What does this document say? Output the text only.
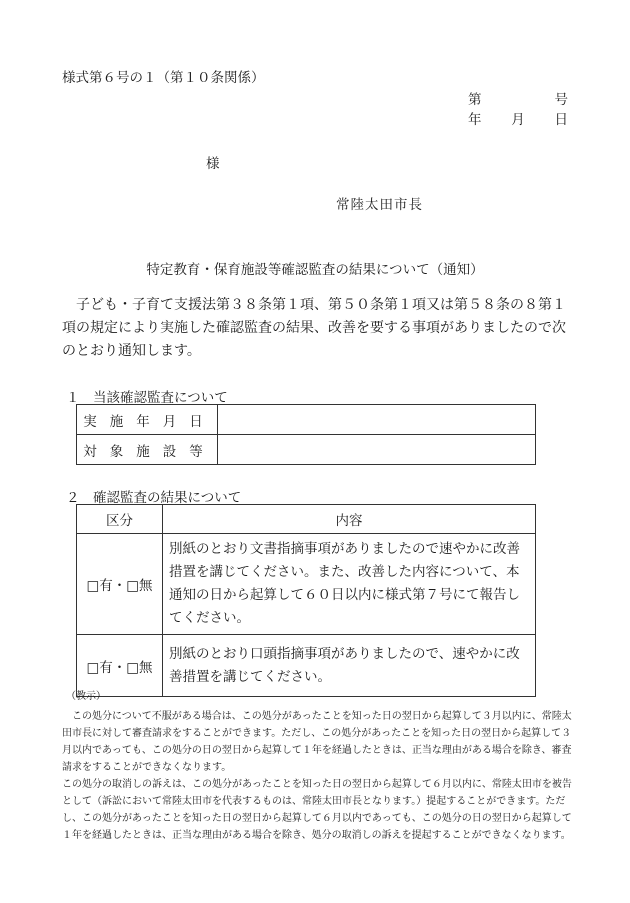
様式第６号の１（第１０条関係）
第	号
年 月 日
様
常陸太田市長
特定教育・保育施設等確認監査の結果について（通知）

子ども・子育て支援法第３８条第１項、第５０条第１項又は第５８条の８第１項の規定により実施した確認監査の結果、改善を要する事項がありましたので次のとおり通知します。

１　当該確認監査について
実施年月日	
対象施設等	
２　確認監査の結果について
区分	内容
□有・□無	別紙のとおり文書指摘事項がありましたので速やかに改善措置を講じてください。また、改善した内容について、本通知の日から起算して６０日以内に様式第７号にて報告してください。
□有・□無	別紙のとおり口頭指摘事項がありましたので、速やかに改善措置を講じてください。
（教示）

この処分について不服がある場合は、この処分があったことを知った日の翌日から起算して３月以内に、常陸太田市長に対して審査請求をすることができます。ただし、この処分があったことを知った日の翌日から起算して３月以内であっても、この処分の日の翌日から起算して１年を経過したときは、正当な理由がある場合を除き、審査請求をすることができなくなります。

この処分の取消しの訴えは、この処分があったことを知った日の翌日から起算して６月以内に、常陸太田市を被告として（訴訟において常陸太田市を代表するものは、常陸太田市長となります。）提起することができます。ただし、この処分があったことを知った日の翌日から起算して６月以内であっても、この処分の日の翌日から起算して１年を経過したときは、正当な理由がある場合を除き、処分の取消しの訴えを提起することができなくなります。
